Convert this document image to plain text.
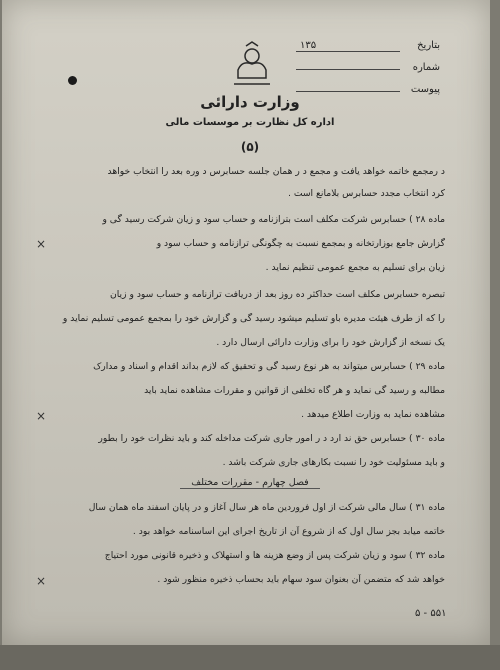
وزارت دارائی
اداره کل نظارت بر موسسات مالی
(۵)
بتاریخ۱۳۵
شماره
پیوست
د رمجمع خاتمه خواهد یافت و مجمع د ر همان جلسه حسابرس د وره بعد را انتخاب خواهد
کرد انتخاب مجدد حسابرس بلامانع است .
ماده ۲۸ ) حسابرس شرکت مکلف است بترازنامه و حساب سود و زیان شرکت رسید گی و
گزارش جامع بوزارتخانه و بمجمع نسبت به چگونگی ترازنامه و حساب سود و
زیان برای تسلیم به مجمع عمومی تنظیم نماید .
تبصره حسابرس مکلف است حداکثر ده روز بعد از دریافت ترازنامه و حساب سود و زیان
را که از طرف هیئت مدیره باو تسلیم میشود رسید گی و گزارش خود را بمجمع عمومی تسلیم نماید و
یک نسخه از گزارش خود را برای وزارت دارائی ارسال دارد .
ماده ۲۹ ) حسابرس میتواند به هر نوع رسید گی و تحقیق که لازم بداند اقدام و اسناد و مدارک
مطالبه و رسید گی نماید و هر گاه تخلفی از قوانین و مقررات مشاهده نماید باید
مشاهده نماید به وزارت اطلاع میدهد .
ماده ۳۰ ) حسابرس حق ند ارد د ر امور جاری شرکت مداخله کند و باید نظرات خود را بطور
و باید مسئولیت خود را نسبت بکارهای جاری شرکت باشد .
فصل چهارم - مقررات مختلف
ماده ۳۱ ) سال مالی شرکت از اول فروردین ماه هر سال آغاز و در پایان اسفند ماه همان سال
خاتمه میابد بجز سال اول که از شروع آن از تاریخ اجرای این اساسنامه خواهد بود .
ماده ۳۲ ) سود و زیان شرکت پس از وضع هزینه ها و استهلاک و ذخیره قانونی مورد احتیاج
خواهد شد که متضمن آن بعنوان سود سهام باید بحساب ذخیره منظور شود .
×
×
×
۵ - ۵۵۱
